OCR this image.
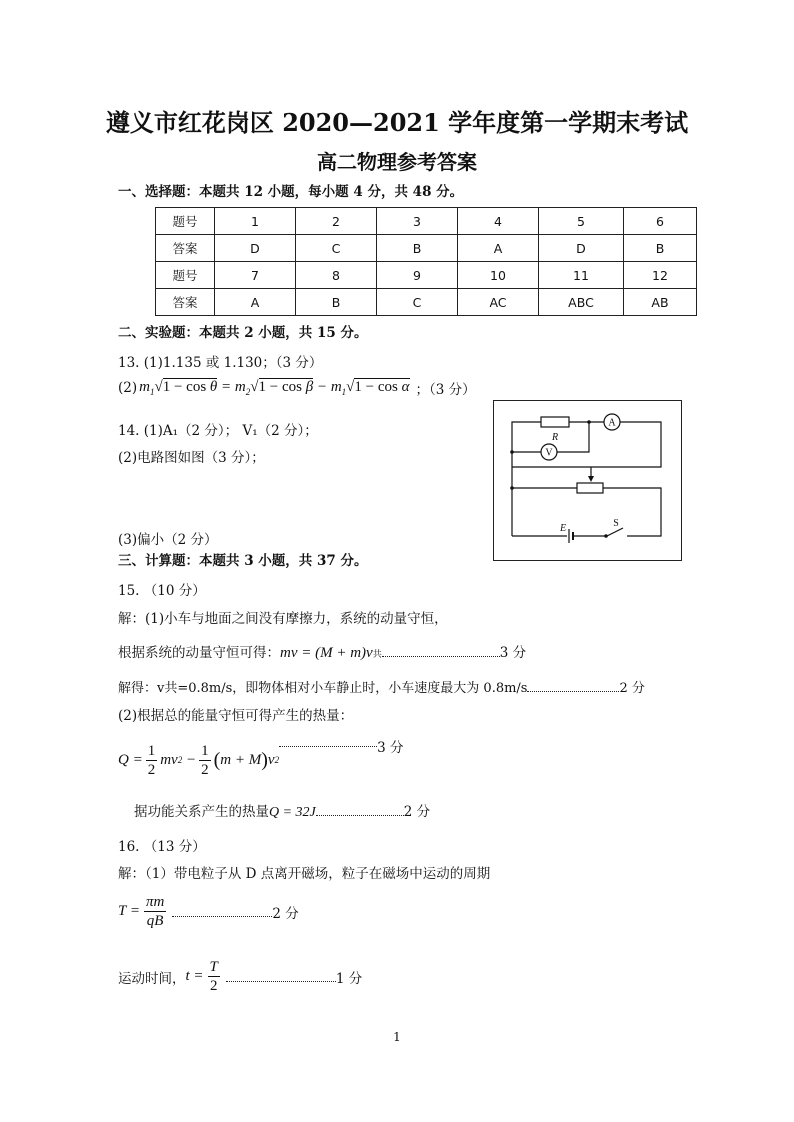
遵义市红花岗区 2020—2021 学年度第一学期末考试
高二物理参考答案
一、选择题：本题共 12 小题，每小题 4 分，共 48 分。
题号	1	2	3	4	5	6
答案	D	C	B	A	D	B
题号	7	8	9	10	11	12
答案	A	B	C	AC	ABC	AB
二、实验题：本题共 2 小题，共 15 分。
13. (1)1.135 或 1.130；（3 分）
(2) $m_1√1 - \cos \theta = m_2√1 - \cos \beta - m_1√1 - \cos \alpha$ ；（3 分）
14. (1)A₁（2 分）； V₁（2 分）；
(2)电路图如图（3 分）；
(3)偏小（2 分）
A
V
R
E	S
三、计算题：本题共 3 小题，共 37 分。
15. （10 分）
解：(1)小车与地面之间没有摩擦力，系统的动量守恒，
根据系统的动量守恒可得： mv = (M + m)v 共	3 分
解得：v共=0.8m/s，即物体相对小车静止时，小车速度最大为 0.8m/s	2 分
(2)根据总的能量守恒可得产生的热量：
$Q = \frac{1}{2}$ mv $2 - \frac{1}{2}$ ( m + M ) v 2
3 分
据功能关系产生的热量 Q = 32J	2 分
16. （13 分）
解：（1）带电粒子从 D 点离开磁场，粒子在磁场中运动的周期
$T = \frac{\pi m}{qB}$	2 分
运动时间， $t = \frac{T}{2}$	1 分
1
